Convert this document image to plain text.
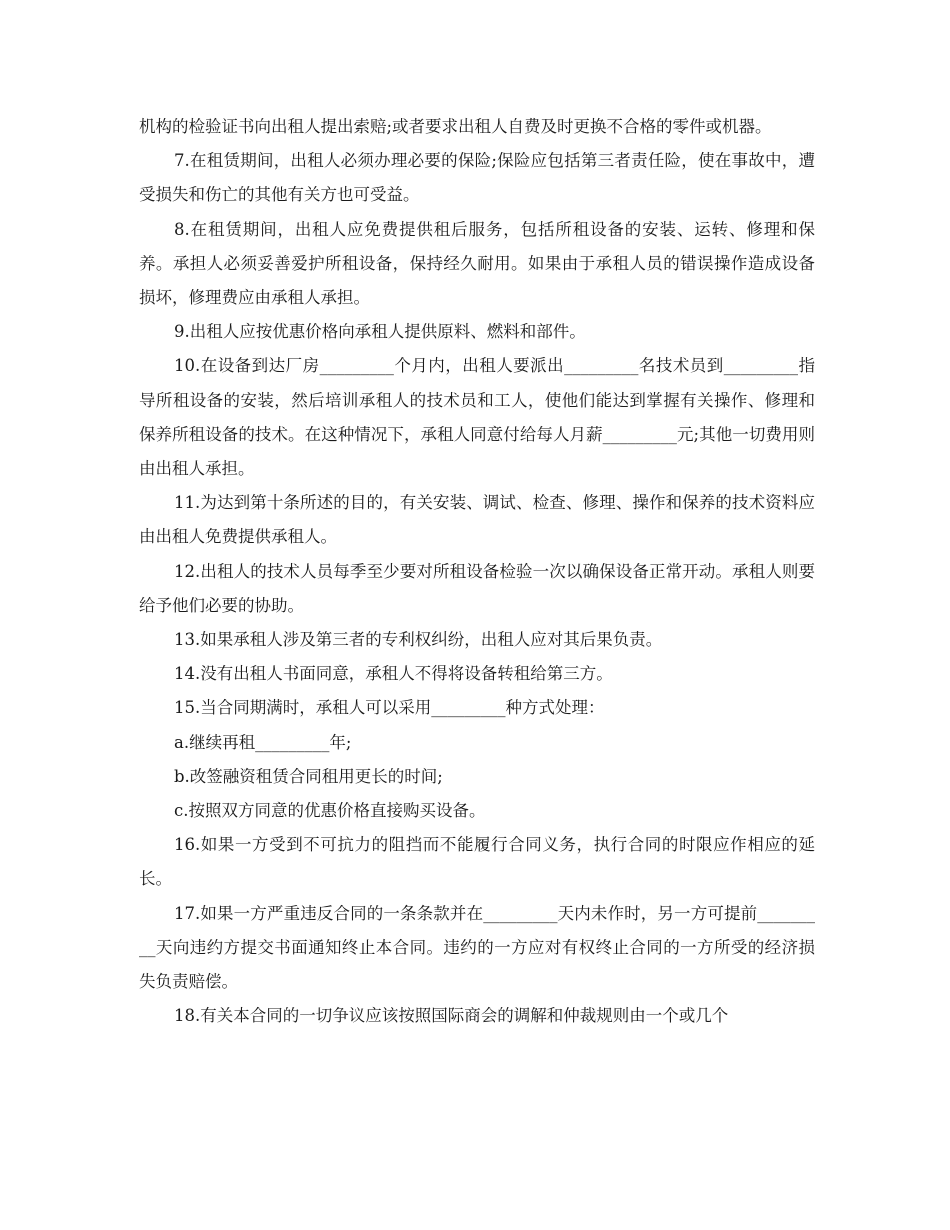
机构的检验证书向出租人提出索赔;或者要求出租人自费及时更换不合格的零件或机器。

7.在租赁期间，出租人必须办理必要的保险;保险应包括第三者责任险，使在事故中，遭受损失和伤亡的其他有关方也可受益。

8.在租赁期间，出租人应免费提供租后服务，包括所租设备的安装、运转、修理和保养。承担人必须妥善爱护所租设备，保持经久耐用。如果由于承租人员的错误操作造成设备损坏，修理费应由承租人承担。

9.出租人应按优惠价格向承租人提供原料、燃料和部件。

10.在设备到达厂房_________个月内，出租人要派出_________名技术员到_________指导所租设备的安装，然后培训承租人的技术员和工人，使他们能达到掌握有关操作、修理和保养所租设备的技术。在这种情况下，承租人同意付给每人月薪_________元;其他一切费用则由出租人承担。

11.为达到第十条所述的目的，有关安装、调试、检查、修理、操作和保养的技术资料应由出租人免费提供承租人。

12.出租人的技术人员每季至少要对所租设备检验一次以确保设备正常开动。承租人则要给予他们必要的协助。

13.如果承租人涉及第三者的专利权纠纷，出租人应对其后果负责。

14.没有出租人书面同意，承租人不得将设备转租给第三方。

15.当合同期满时，承租人可以采用_________种方式处理：

a.继续再租_________年;

b.改签融资租赁合同租用更长的时间;

c.按照双方同意的优惠价格直接购买设备。

16.如果一方受到不可抗力的阻挡而不能履行合同义务，执行合同的时限应作相应的延长。

17.如果一方严重违反合同的一条条款并在_________天内未作时，另一方可提前_________天向违约方提交书面通知终止本合同。违约的一方应对有权终止合同的一方所受的经济损失负责赔偿。

18.有关本合同的一切争议应该按照国际商会的调解和仲裁规则由一个或几个
